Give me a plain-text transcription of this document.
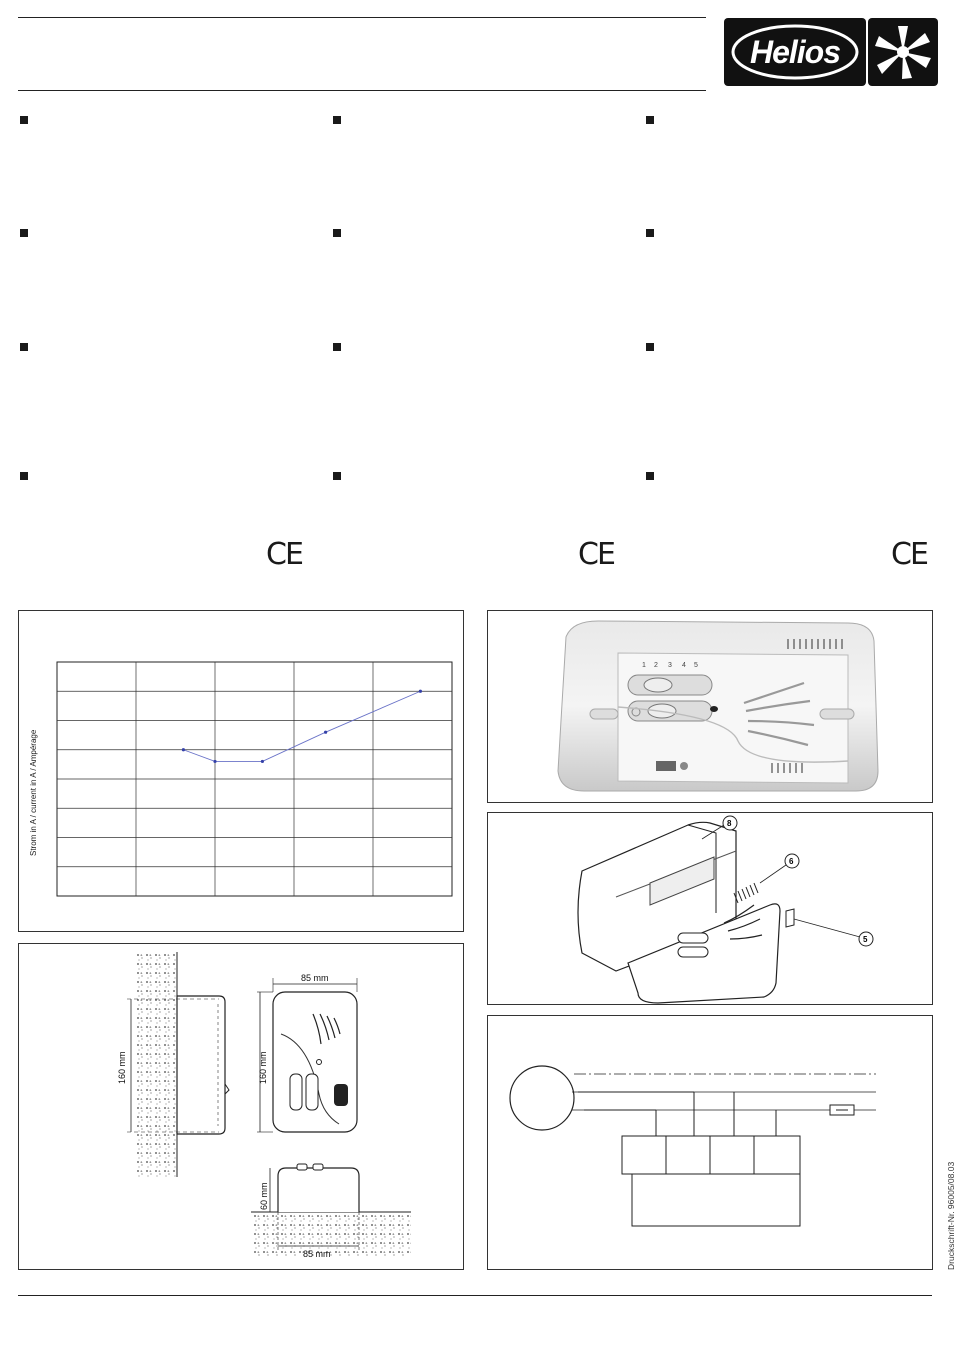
Helios
CE	CE	CE
Strom in A / current in A / Ampérage
160 mm	160 mm
85 mm
60 mm
85 mm
1 2 3 4 5
8
6
5
Druckschrift-Nr. 96005/08.03
